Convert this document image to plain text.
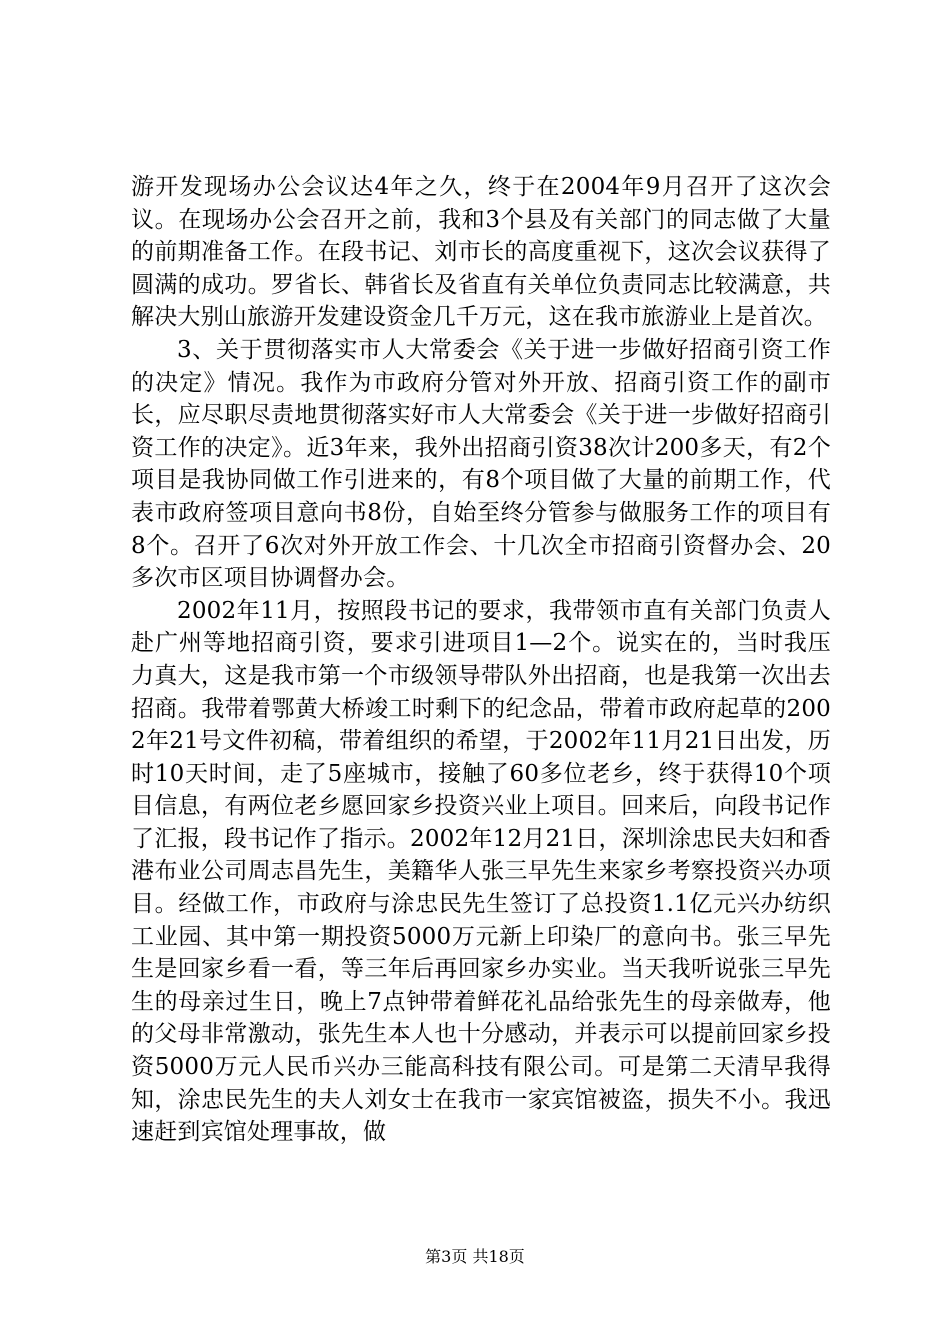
游开发现场办公会议达4年之久，终于在2004年9月召开了这次会议。在现场办公会召开之前，我和3个县及有关部门的同志做了大量的前期准备工作。在段书记、刘市长的高度重视下，这次会议获得了圆满的成功。罗省长、韩省长及省直有关单位负责同志比较满意，共解决大别山旅游开发建设资金几千万元，这在我市旅游业上是首次。

3、关于贯彻落实市人大常委会《关于进一步做好招商引资工作的决定》情况。我作为市政府分管对外开放、招商引资工作的副市长，应尽职尽责地贯彻落实好市人大常委会《关于进一步做好招商引资工作的决定》。近3年来，我外出招商引资38次计200多天，有2个项目是我协同做工作引进来的，有8个项目做了大量的前期工作，代表市政府签项目意向书8份，自始至终分管参与做服务工作的项目有8个。召开了6次对外开放工作会、十几次全市招商引资督办会、20多次市区项目协调督办会。

2002年11月，按照段书记的要求，我带领市直有关部门负责人赴广州等地招商引资，要求引进项目1—2个。说实在的，当时我压力真大，这是我市第一个市级领导带队外出招商，也是我第一次出去招商。我带着鄂黄大桥竣工时剩下的纪念品，带着市政府起草的2002年21号文件初稿，带着组织的希望，于2002年11月21日出发，历时10天时间，走了5座城市，接触了60多位老乡，终于获得10个项目信息，有两位老乡愿回家乡投资兴业上项目。回来后，向段书记作了汇报，段书记作了指示。2002年12月21日，深圳涂忠民夫妇和香港布业公司周志昌先生，美籍华人张三早先生来家乡考察投资兴办项目。经做工作，市政府与涂忠民先生签订了总投资1.1亿元兴办纺织工业园、其中第一期投资5000万元新上印染厂的意向书。张三早先生是回家乡看一看，等三年后再回家乡办实业。当天我听说张三早先生的母亲过生日，晚上7点钟带着鲜花礼品给张先生的母亲做寿，他的父母非常激动，张先生本人也十分感动，并表示可以提前回家乡投资5000万元人民币兴办三能高科技有限公司。可是第二天清早我得知，涂忠民先生的夫人刘女士在我市一家宾馆被盗，损失不小。我迅速赶到宾馆处理事故，做

第3页 共18页
